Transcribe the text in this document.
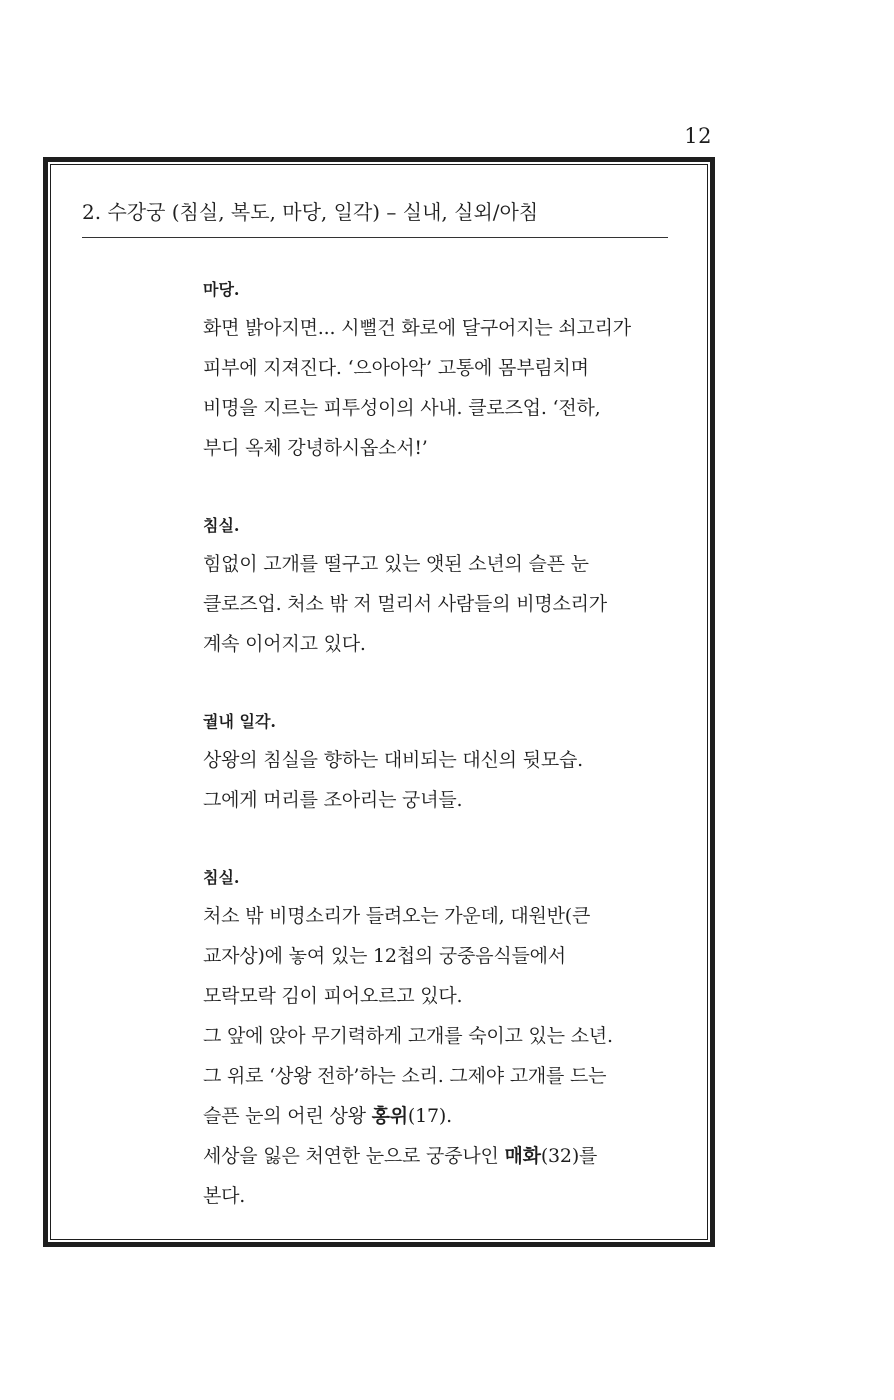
12
2. 수강궁 (침실, 복도, 마당, 일각) – 실내, 실외/아침
마당.
화면 밝아지면... 시뻘건 화로에 달구어지는 쇠고리가
피부에 지져진다. ‘으아아악’ 고통에 몸부림치며
비명을 지르는 피투성이의 사내. 클로즈업. ‘전하,
부디 옥체 강녕하시옵소서!’
침실.
힘없이 고개를 떨구고 있는 앳된 소년의 슬픈 눈
클로즈업. 처소 밖 저 멀리서 사람들의 비명소리가
계속 이어지고 있다.
궐내 일각.
상왕의 침실을 향하는 대비되는 대신의 뒷모습.
그에게 머리를 조아리는 궁녀들.
침실.
처소 밖 비명소리가 들려오는 가운데, 대원반(큰
교자상)에 놓여 있는 12첩의 궁중음식들에서
모락모락 김이 피어오르고 있다.
그 앞에 앉아 무기력하게 고개를 숙이고 있는 소년.
그 위로 ‘상왕 전하’하는 소리. 그제야 고개를 드는
슬픈 눈의 어린 상왕 홍위(17).
세상을 잃은 처연한 눈으로 궁중나인 매화(32)를
본다.
